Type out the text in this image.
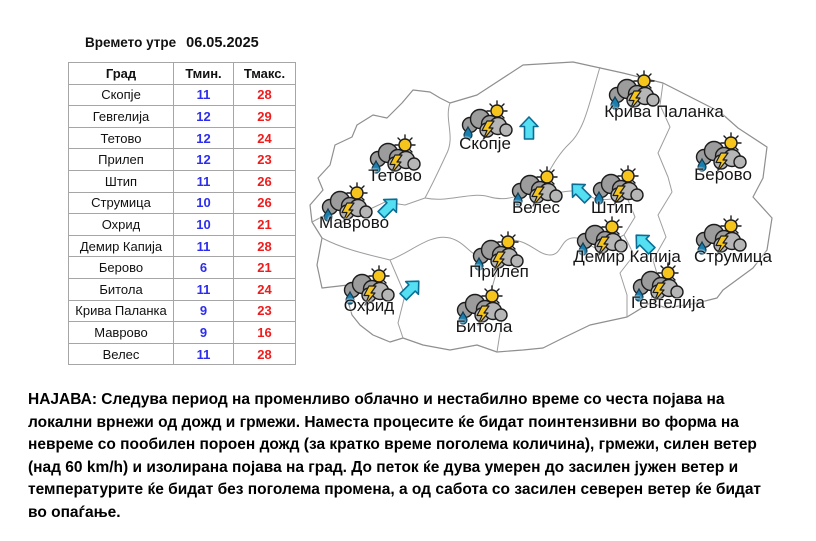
Времето утре 06.05.2025
Град	Тмин.	Тмакс.
Скопје	11	28
Гевгелија	12	29
Тетово	12	24
Прилеп	12	23
Штип	11	26
Струмица	10	26
Охрид	10	21
Демир Капија	11	28
Берово	6	21
Битола	11	24
Крива Паланка	9	23
Маврово	9	16
Велес	11	28
Скопје
Тетово
Маврово
Охрид
Прилеп
Битола
Велес Штип
Демир Капија
Крива Паланка
Берово
Струмица
Гевгелија
НАЈАВА: Следува период на променливо облачно и нестабилно време со честа појава на
локални врнежи од дожд и грмежи. Наместа процесите ќе бидат поинтензивни во форма на
невреме со пообилен пороен дожд (за кратко време поголема количина), грмежи, силен ветер
(над 60 km/h) и изолирана појава на град. До петок ќе дува умерен до засилен јужен ветер и
температурите ќе бидат без поголема промена, а од сабота со засилен северен ветер ќе бидат
во опаѓање.
